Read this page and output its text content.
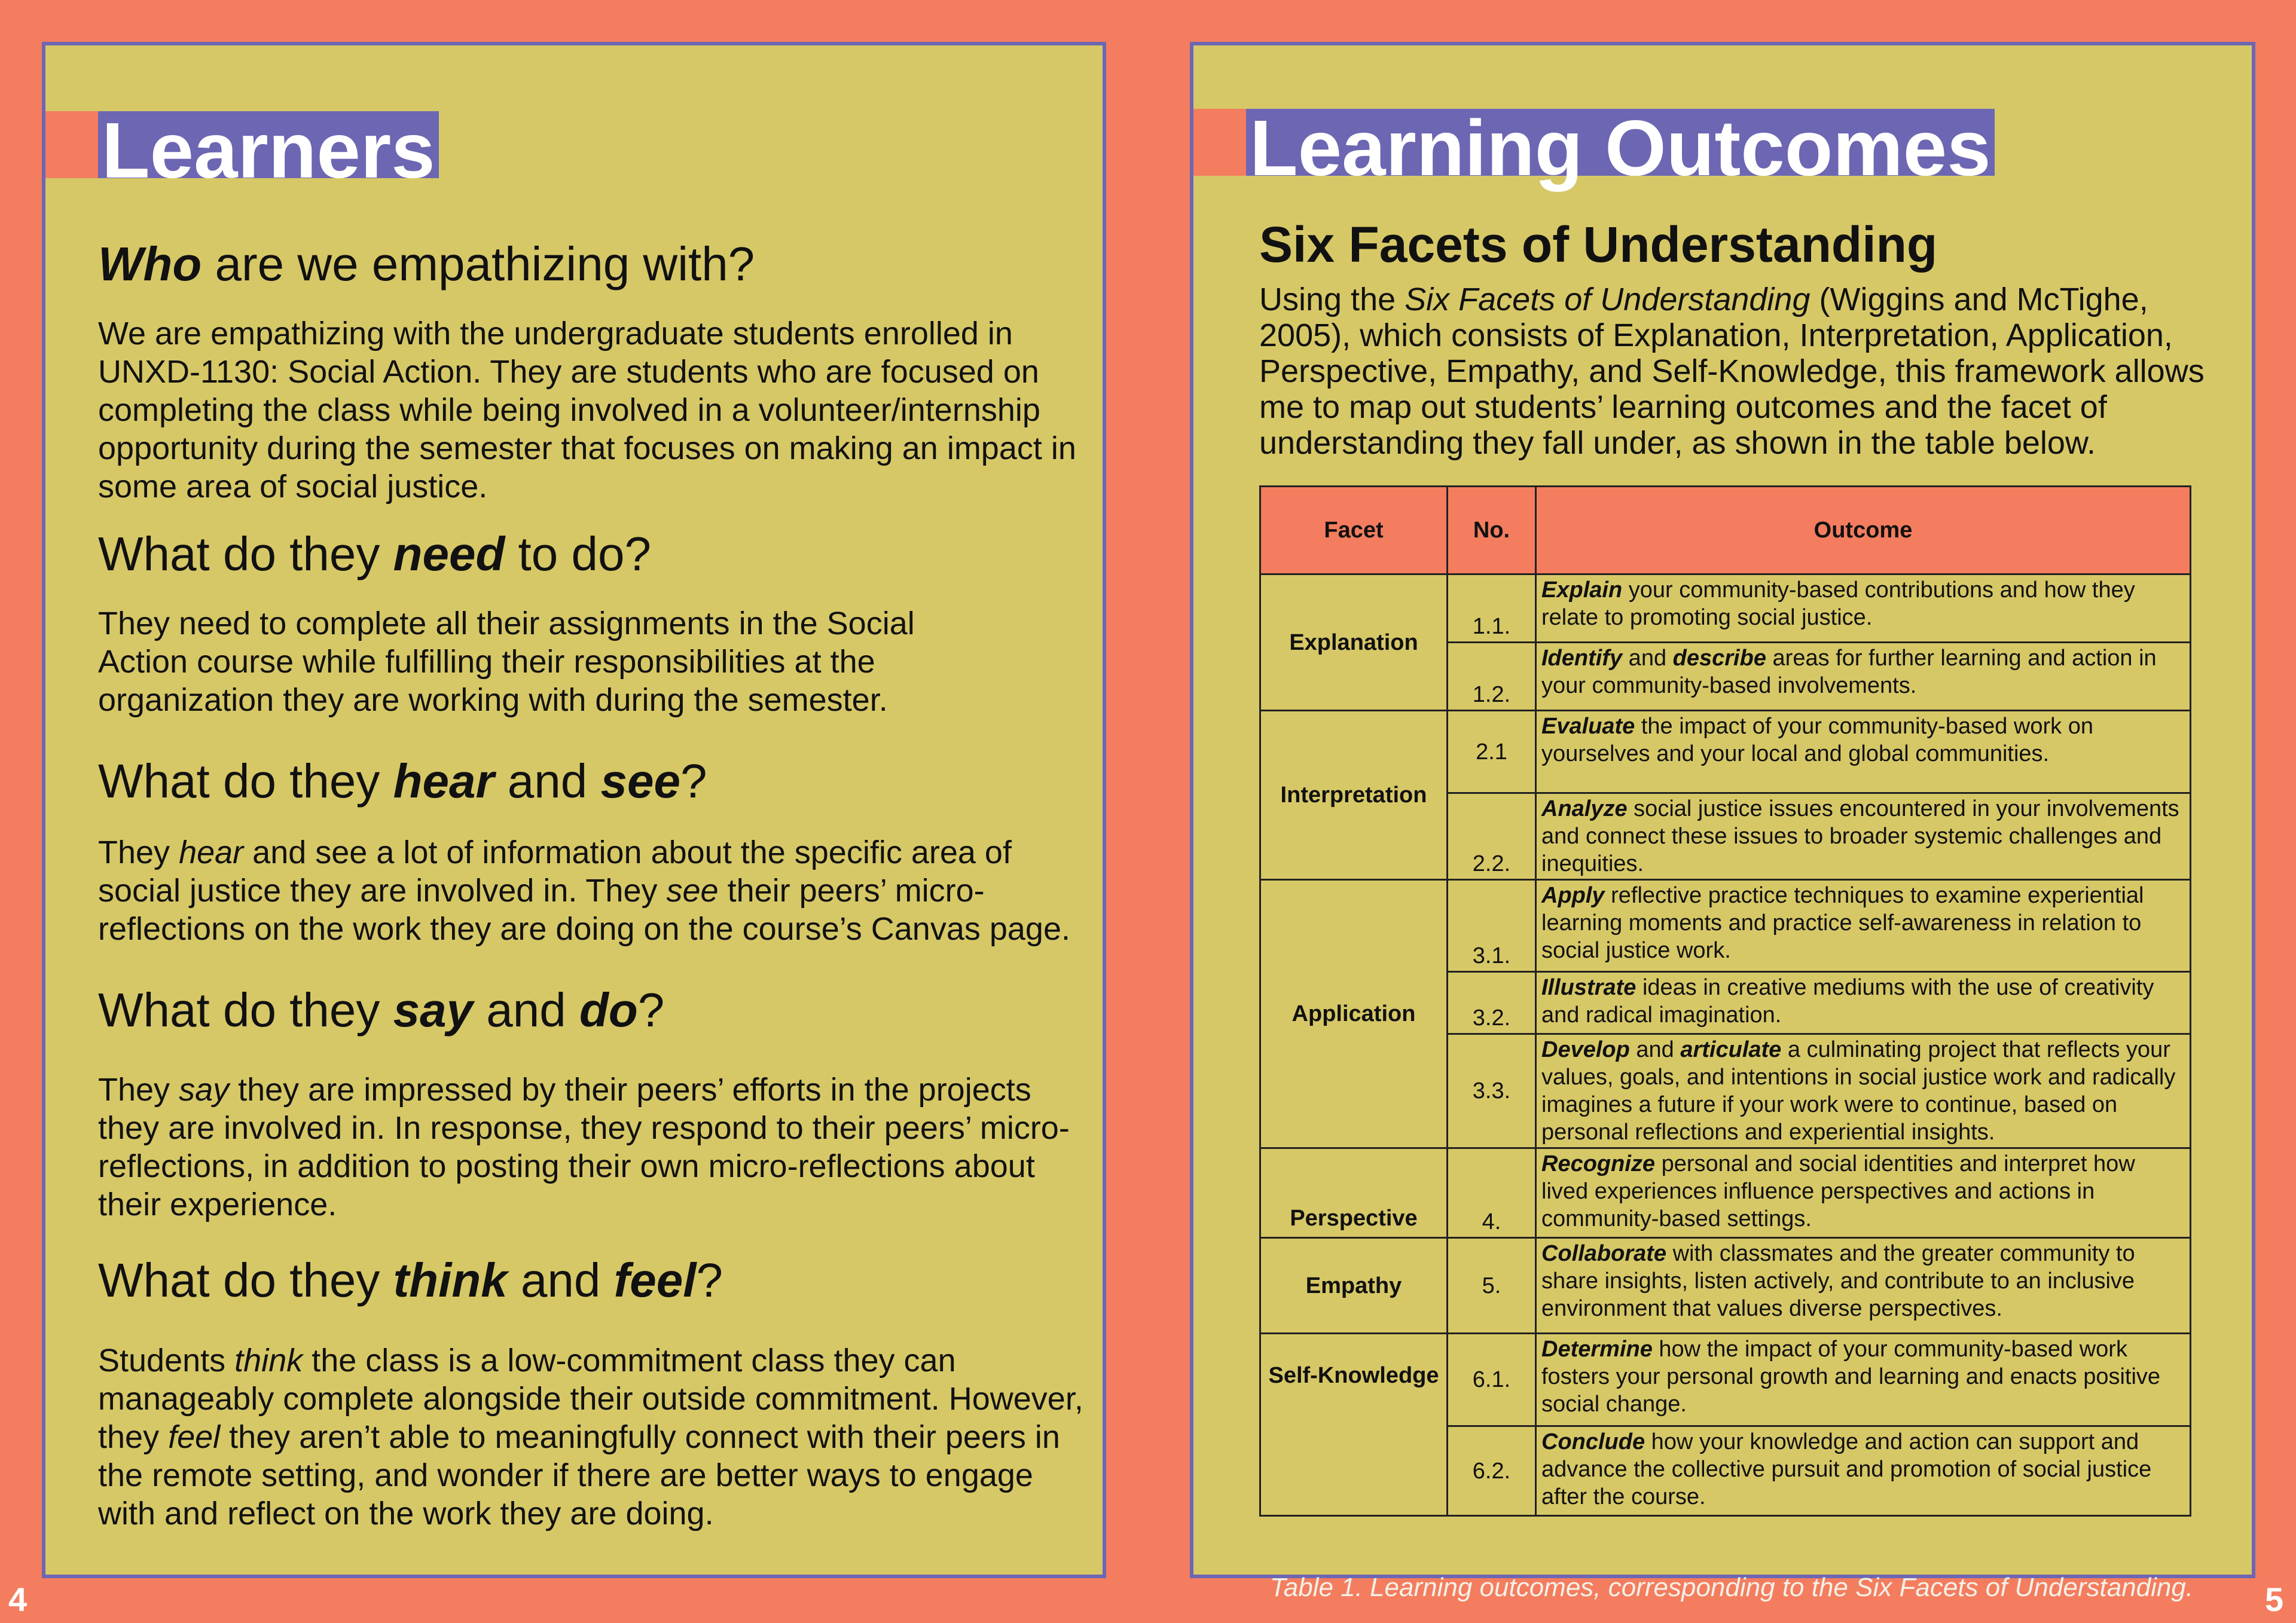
Learners
Who are we empathizing with?

We are empathizing with the undergraduate students enrolled in UNXD-1130: Social Action. They are students who are focused on completing the class while being involved in a volunteer/internship opportunity during the semester that focuses on making an impact in some area of social justice.

What do they need to do?

They need to complete all their assignments in the Social Action course while fulfilling their responsibilities at the organization they are working with during the semester.

What do they hear and see?

They hear and see a lot of information about the specific area of social justice they are involved in. They see their peers’ micro-reflections on the work they are doing on the course’s Canvas page.

What do they say and do?

They say they are impressed by their peers’ efforts in the projects they are involved in. In response, they respond to their peers’ micro-reflections, in addition to posting their own micro-reflections about their experience.

What do they think and feel?

Students think the class is a low-commitment class they can manageably complete alongside their outside commitment. However, they feel they aren’t able to meaningfully connect with their peers in the remote setting, and wonder if there are better ways to engage with and reflect on the work they are doing.

Learning Outcomes
Six Facets of Understanding

Using the Six Facets of Understanding (Wiggins and McTighe, 2005), which consists of Explanation, Interpretation, Application, Perspective, Empathy, and Self-Knowledge, this framework allows me to map out students’ learning outcomes and the facet of understanding they fall under, as shown in the table below.

Facet	No.	Outcome
Explanation	1.1.	Explain your community-based contributions and how they relate to promoting social justice.
	1.2.	Identify and describe areas for further learning and action in your community-based involvements.
Interpretation	2.1	Evaluate the impact of your community-based work on yourselves and your local and global communities.
	2.2.	Analyze social justice issues encountered in your involvements and connect these issues to broader systemic challenges and inequities.
Application	3.1.	Apply reflective practice techniques to examine experiential learning moments and practice self-awareness in relation to social justice work.
	3.2.	Illustrate ideas in creative mediums with the use of creativity and radical imagination.
	3.3.	Develop and articulate a culminating project that reflects your values, goals, and intentions in social justice work and radically imagines a future if your work were to continue, based on personal reflections and experiential insights.
Perspective	4.	Recognize personal and social identities and interpret how lived experiences influence perspectives and actions in community-based settings.
Empathy	5.	Collaborate with classmates and the greater community to share insights, listen actively, and contribute to an inclusive environment that values diverse perspectives.
Self-Knowledge	6.1.	Determine how the impact of your community-based work fosters your personal growth and learning and enacts positive social change.
	6.2.	Conclude how your knowledge and action can support and advance the collective pursuit and promotion of social justice after the course.
Table 1. Learning outcomes, corresponding to the Six Facets of Understanding.
4	5
